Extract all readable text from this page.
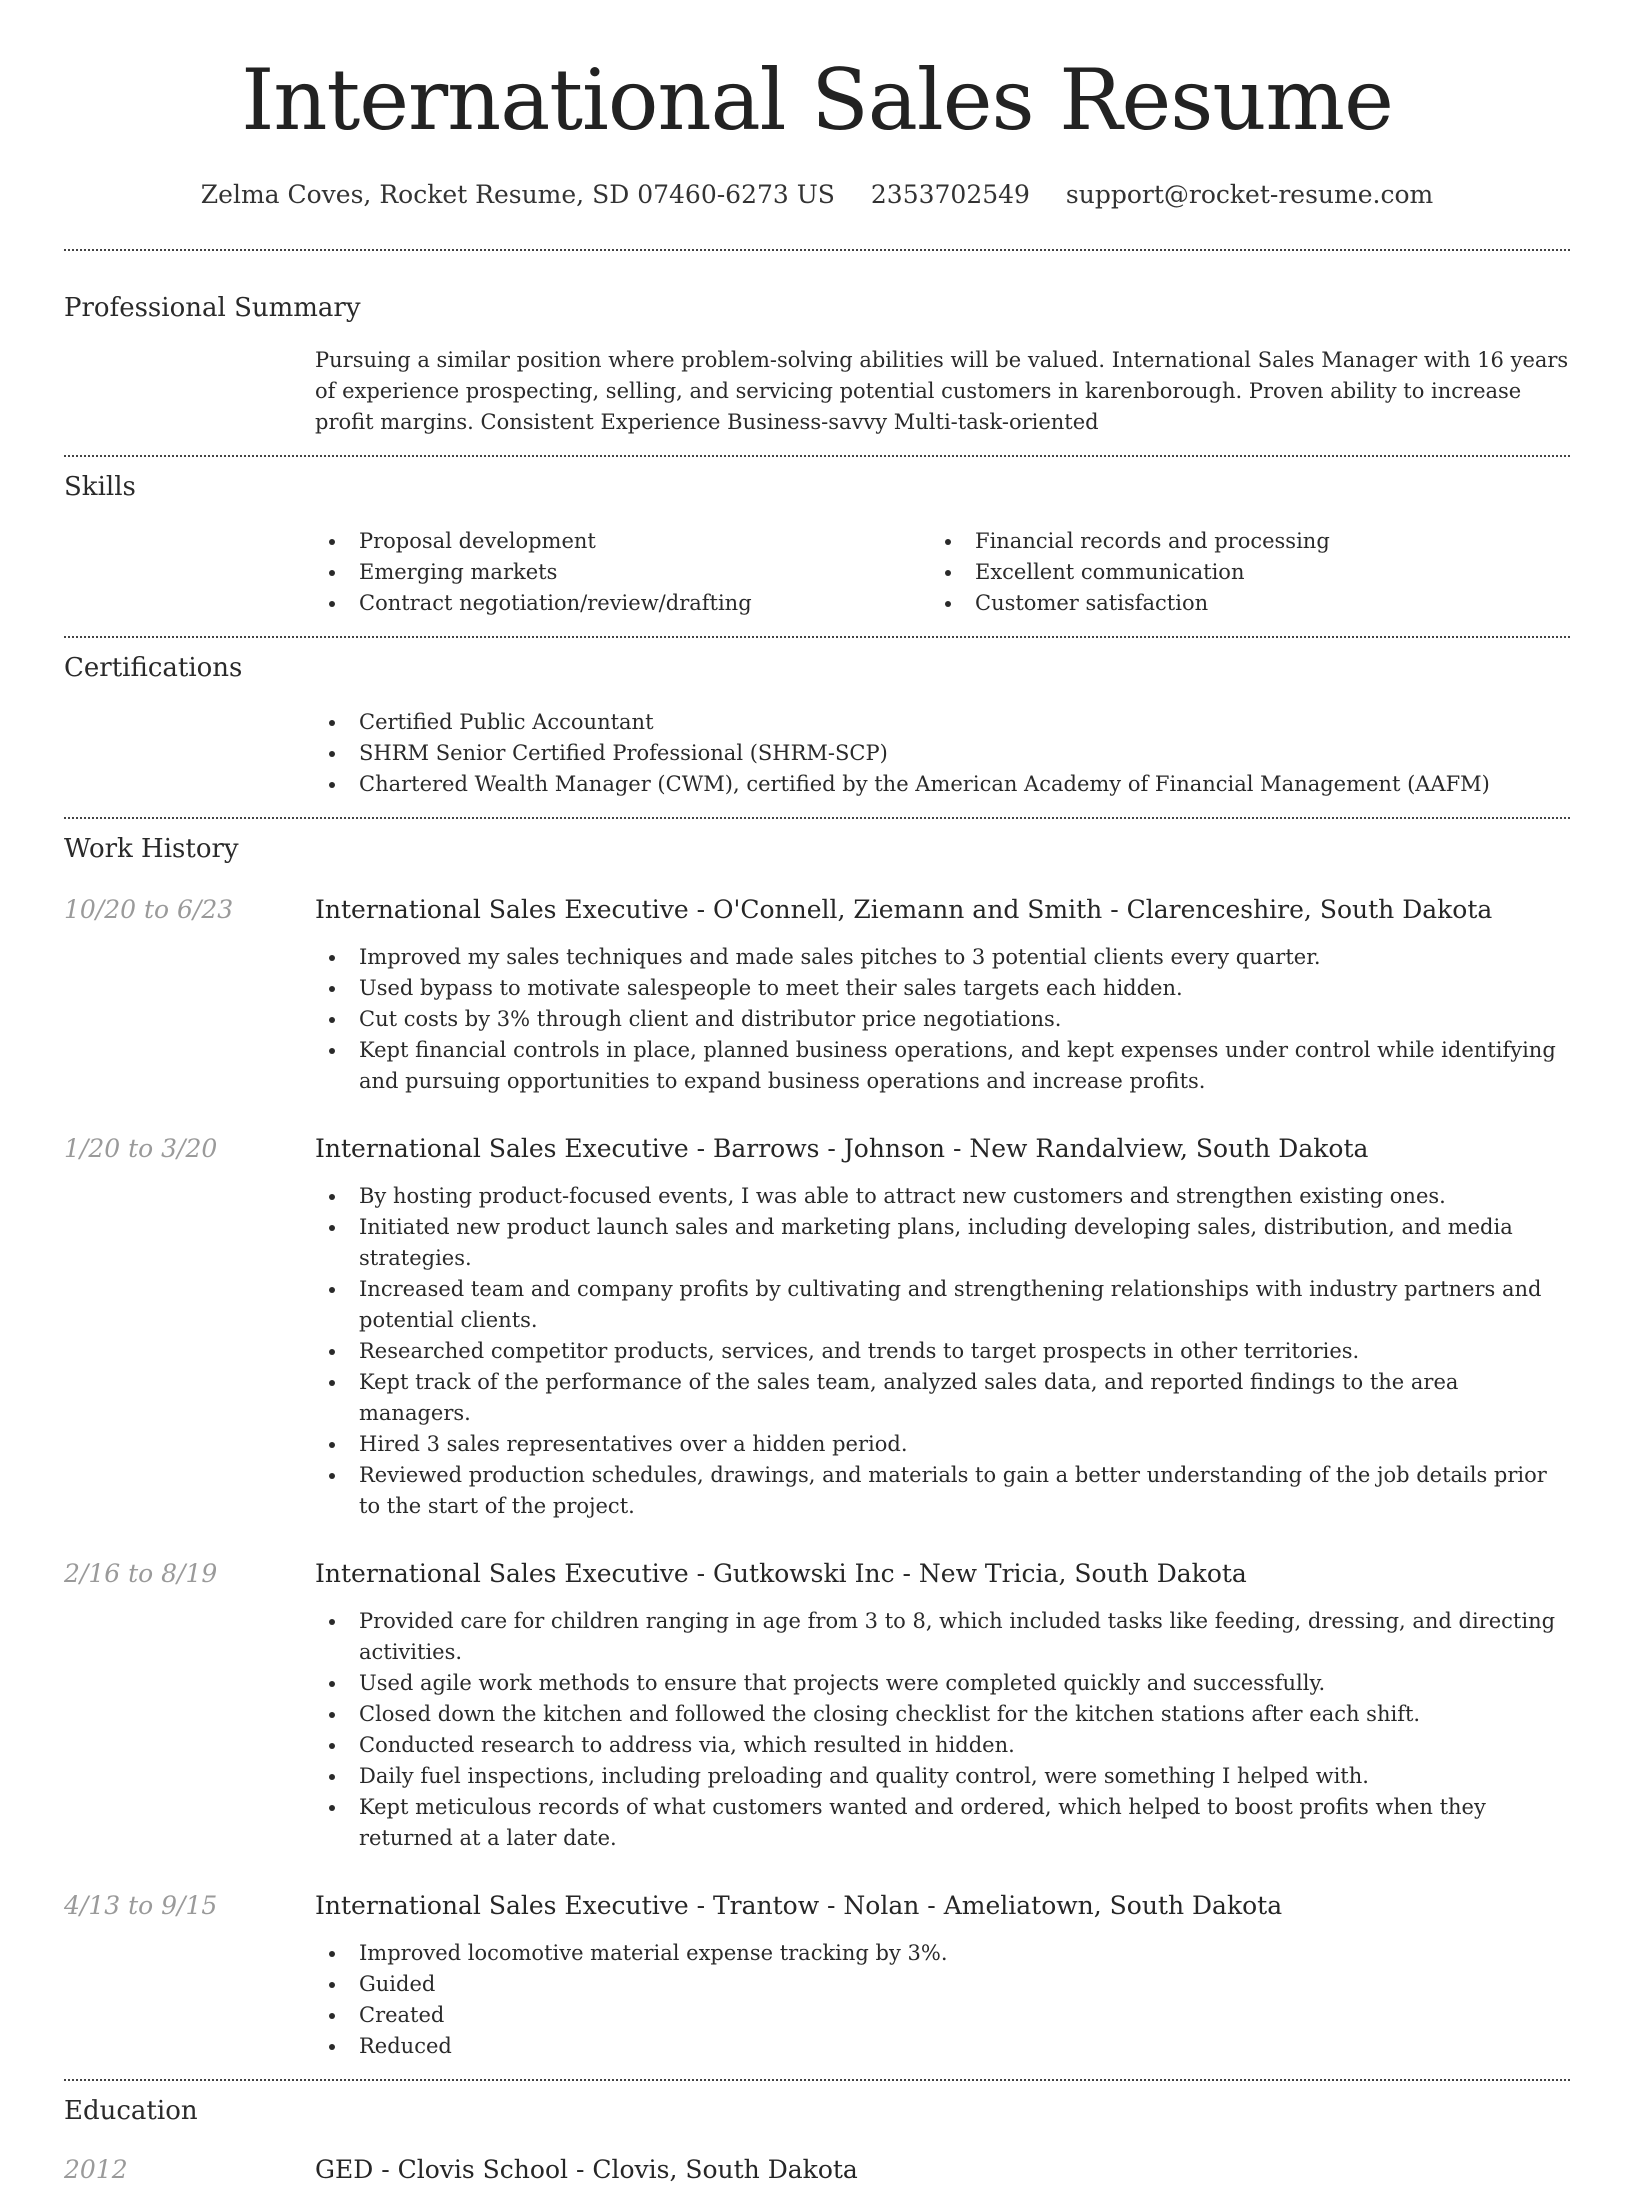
International Sales Resume
Zelma Coves, Rocket Resume, SD 07460-6273 US 2353702549 support@rocket-resume.com
Professional Summary

Pursuing a similar position where problem-solving abilities will be valued. International Sales Manager with 16 years of experience prospecting, selling, and servicing potential customers in karenborough. Proven ability to increase profit margins. Consistent Experience Business-savvy Multi-task-oriented

Skills
Proposal development
Emerging markets
Contract negotiation/review/drafting
Financial records and processing
Excellent communication
Customer satisfaction
Certifications
Certified Public Accountant
SHRM Senior Certified Professional (SHRM-SCP)
Chartered Wealth Manager (CWM), certified by the American Academy of Financial Management (AAFM)
Work History
10/20 to 6/23	International Sales Executive - O'Connell, Ziemann and Smith - Clarenceshire, South Dakota
Improved my sales techniques and made sales pitches to 3 potential clients every quarter.
Used bypass to motivate salespeople to meet their sales targets each hidden.
Cut costs by 3% through client and distributor price negotiations.
Kept financial controls in place, planned business operations, and kept expenses under control while identifying and pursuing opportunities to expand business operations and increase profits.
1/20 to 3/20	International Sales Executive - Barrows - Johnson - New Randalview, South Dakota
By hosting product-focused events, I was able to attract new customers and strengthen existing ones.
Initiated new product launch sales and marketing plans, including developing sales, distribution, and media strategies.
Increased team and company profits by cultivating and strengthening relationships with industry partners and potential clients.
Researched competitor products, services, and trends to target prospects in other territories.
Kept track of the performance of the sales team, analyzed sales data, and reported findings to the area managers.
Hired 3 sales representatives over a hidden period.
Reviewed production schedules, drawings, and materials to gain a better understanding of the job details prior to the start of the project.
2/16 to 8/19	International Sales Executive - Gutkowski Inc - New Tricia, South Dakota
Provided care for children ranging in age from 3 to 8, which included tasks like feeding, dressing, and directing activities.
Used agile work methods to ensure that projects were completed quickly and successfully.
Closed down the kitchen and followed the closing checklist for the kitchen stations after each shift.
Conducted research to address via, which resulted in hidden.
Daily fuel inspections, including preloading and quality control, were something I helped with.
Kept meticulous records of what customers wanted and ordered, which helped to boost profits when they returned at a later date.
4/13 to 9/15	International Sales Executive - Trantow - Nolan - Ameliatown, South Dakota
Improved locomotive material expense tracking by 3%.
Guided
Created
Reduced
Education
2012	GED - Clovis School - Clovis, South Dakota
